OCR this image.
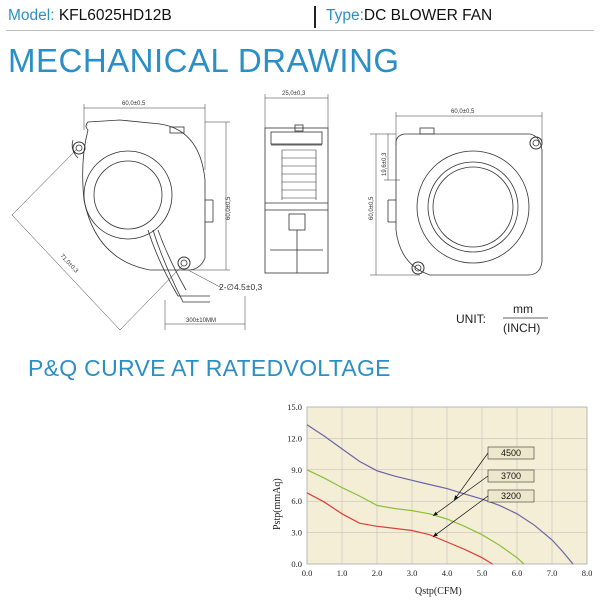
Model: KFL6025HD12B	Type:DC BLOWER FAN
MECHANICAL DRAWING
60,0±0,5
60,0±0,5
71,0±0,3
2-∅4.5±0,3
300±10MM
25,0±0,3
60,0±0,5
60,0±0,5
19,6±0,3
UNIT:
mm
(INCH)
P&Q CURVE AT RATEDVOLTAGE
0.0	1.0	2.0	3.0	4.0	5.0	6.0	7.0	8.0
0.0
3.0
6.0
9.0
12.0
15.0
4500
3700
3200
Qstp(CFM)
Pstp(mmAq)
